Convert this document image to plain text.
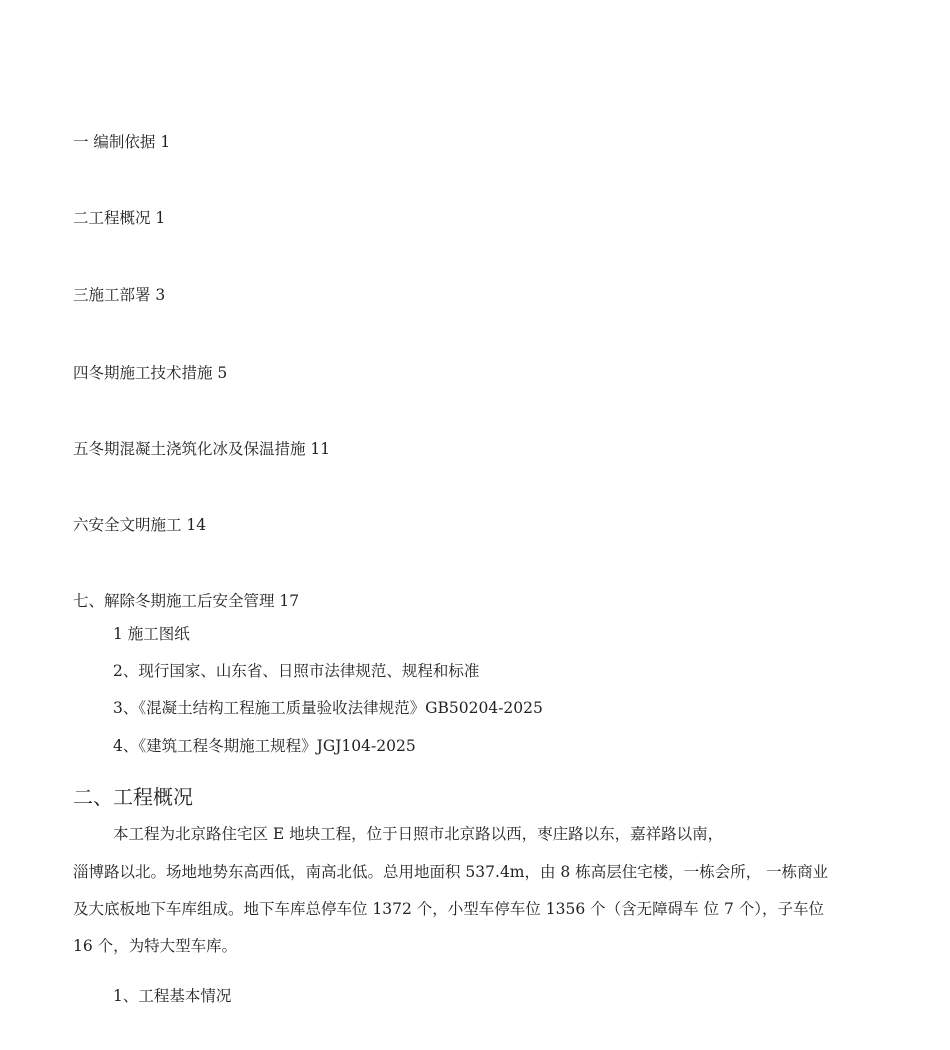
一 编制依据 1
二工程概况 1
三施工部署 3
四冬期施工技术措施 5
五冬期混凝土浇筑化冰及保温措施 11
六安全文明施工 14
七、解除冬期施工后安全管理 17
1 施工图纸
2、现行国家、山东省、日照市法律规范、规程和标准
3、《混凝土结构工程施工质量验收法律规范》GB50204-2025
4、《建筑工程冬期施工规程》JGJ104-2025
二、工程概况
本工程为北京路住宅区 E 地块工程，位于日照市北京路以西，枣庄路以东，嘉祥路以南，
淄博路以北。场地地势东高西低，南高北低。总用地面积 537.4m，由 8 栋高层住宅楼，一栋会所， 一栋商业
及大底板地下车库组成。地下车库总停车位 1372 个，小型车停车位 1356 个（含无障碍车 位 7 个），子车位
16 个，为特大型车库。
1、工程基本情况
